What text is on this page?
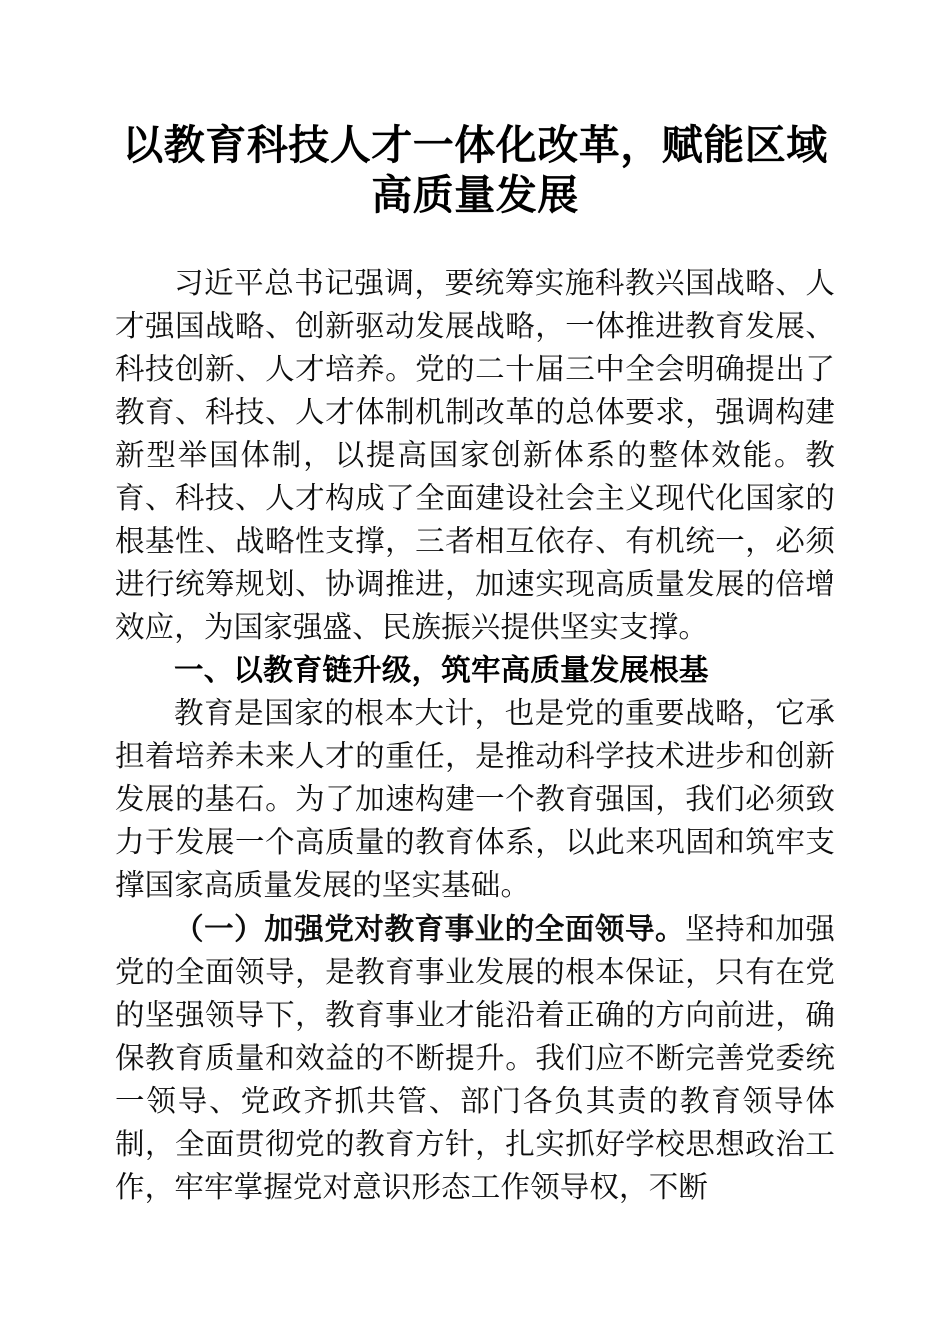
以教育科技人才一体化改革，赋能区域高质量发展

习近平总书记强调，要统筹实施科教兴国战略、人才强国战略、创新驱动发展战略，一体推进教育发展、科技创新、人才培养。党的二十届三中全会明确提出了教育、科技、人才体制机制改革的总体要求，强调构建新型举国体制，以提高国家创新体系的整体效能。教育、科技、人才构成了全面建设社会主义现代化国家的根基性、战略性支撑，三者相互依存、有机统一，必须进行统筹规划、协调推进，加速实现高质量发展的倍增效应，为国家强盛、民族振兴提供坚实支撑。

一、以教育链升级，筑牢高质量发展根基

教育是国家的根本大计，也是党的重要战略，它承担着培养未来人才的重任，是推动科学技术进步和创新发展的基石。为了加速构建一个教育强国，我们必须致力于发展一个高质量的教育体系，以此来巩固和筑牢支撑国家高质量发展的坚实基础。

（一）加强党对教育事业的全面领导。坚持和加强党的全面领导，是教育事业发展的根本保证，只有在党的坚强领导下，教育事业才能沿着正确的方向前进，确保教育质量和效益的不断提升。我们应不断完善党委统一领导、党政齐抓共管、部门各负其责的教育领导体制，全面贯彻党的教育方针，扎实抓好学校思想政治工作，牢牢掌握党对意识形态工作领导权，不断
